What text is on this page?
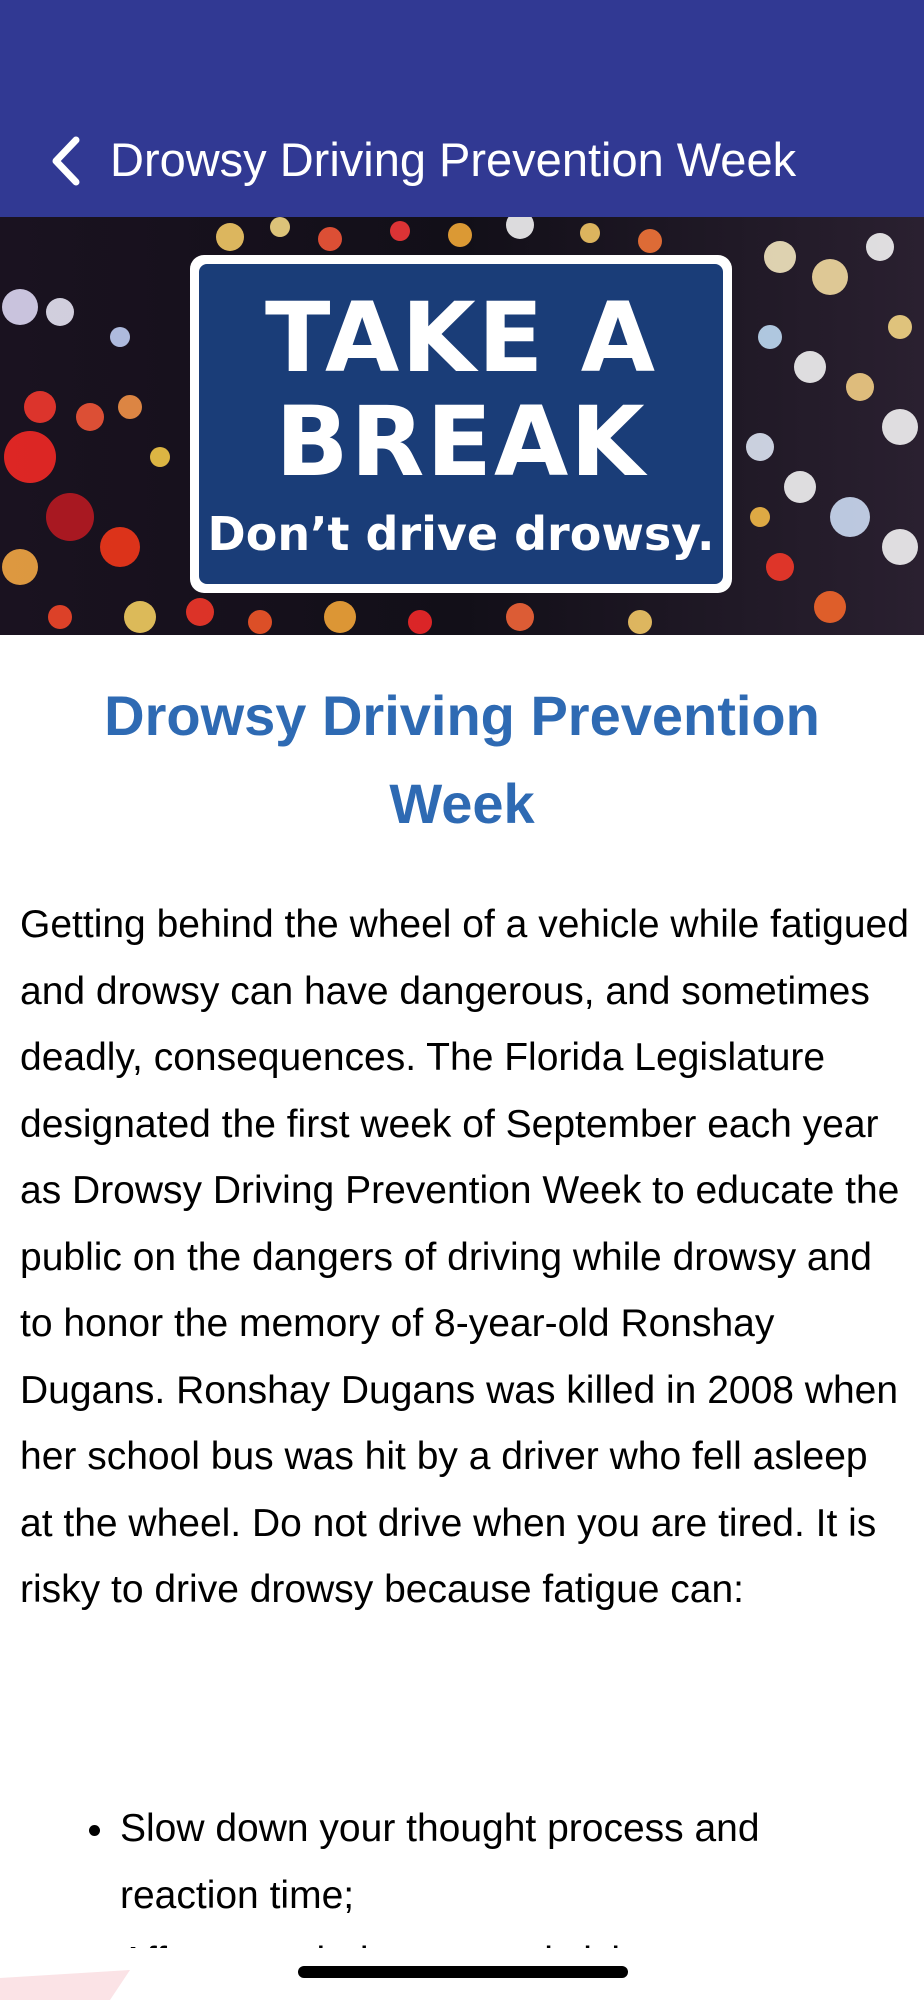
Drowsy Driving Prevention Week
TAKE A
BREAK
Don’t drive drowsy.
Drowsy Driving Prevention Week

Getting behind the wheel of a vehicle while fatigued and drowsy can have dangerous, and sometimes deadly, consequences. The Florida Legislature designated the first week of September each year as Drowsy Driving Prevention Week to educate the public on the dangers of driving while drowsy and to honor the memory of 8-year-old Ronshay Dugans. Ronshay Dugans was killed in 2008 when her school bus was hit by a driver who fell asleep at the wheel. Do not drive when you are tired. It is risky to drive drowsy because fatigue can:

• Slow down your thought process and reaction time;
•
